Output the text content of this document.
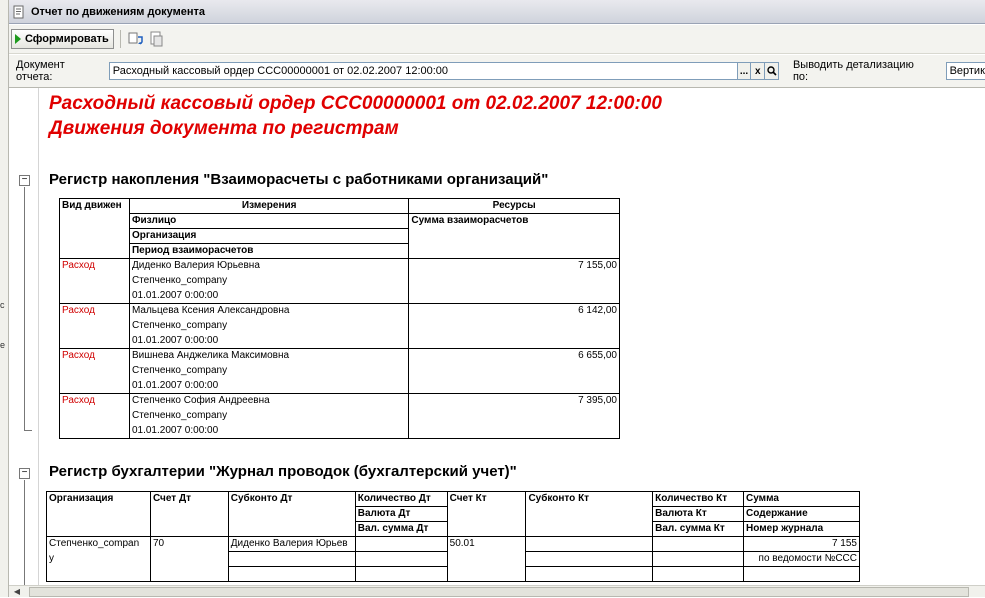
с
е
Отчет по движениям документа
Сформировать
Документ отчета:	Расходный кассовый ордер ССС00000001 от 02.02.2007 12:00:00	... x	Выводить детализацию по:	Вертик
−
−
Расходный кассовый ордер ССС00000001 от 02.02.2007 12:00:00
Движения документа по регистрам
Регистр накопления "Взаиморасчеты с работниками организаций"
Вид движен	Измерения	Ресурсы
	Физлицо	Сумма взаиморасчетов
	Организация	
	Период взаиморасчетов	
Расход	Диденко Валерия Юрьевна	7 155,00
	Степченко_company	
	01.01.2007 0:00:00	
Расход	Мальцева Ксения Александровна	6 142,00
	Степченко_company	
	01.01.2007 0:00:00	
Расход	Вишнева Анджелика Максимовна	6 655,00
	Степченко_company	
	01.01.2007 0:00:00	
Расход	Степченко София Андреевна	7 395,00
	Степченко_company	
	01.01.2007 0:00:00	
Регистр бухгалтерии "Журнал проводок (бухгалтерский учет)"
Организация	Счет Дт	Субконто Дт	Количество Дт	Счет Кт	Субконто Кт	Количество Кт	Сумма
			Валюта Дт			Валюта Кт	Содержание
			Вал. сумма Дт			Вал. сумма Кт	Номер журнала
Степченко_compan	70	Диденко Валерия Юрьев		50.01			7 155
y							по ведомости №ССС

◀
